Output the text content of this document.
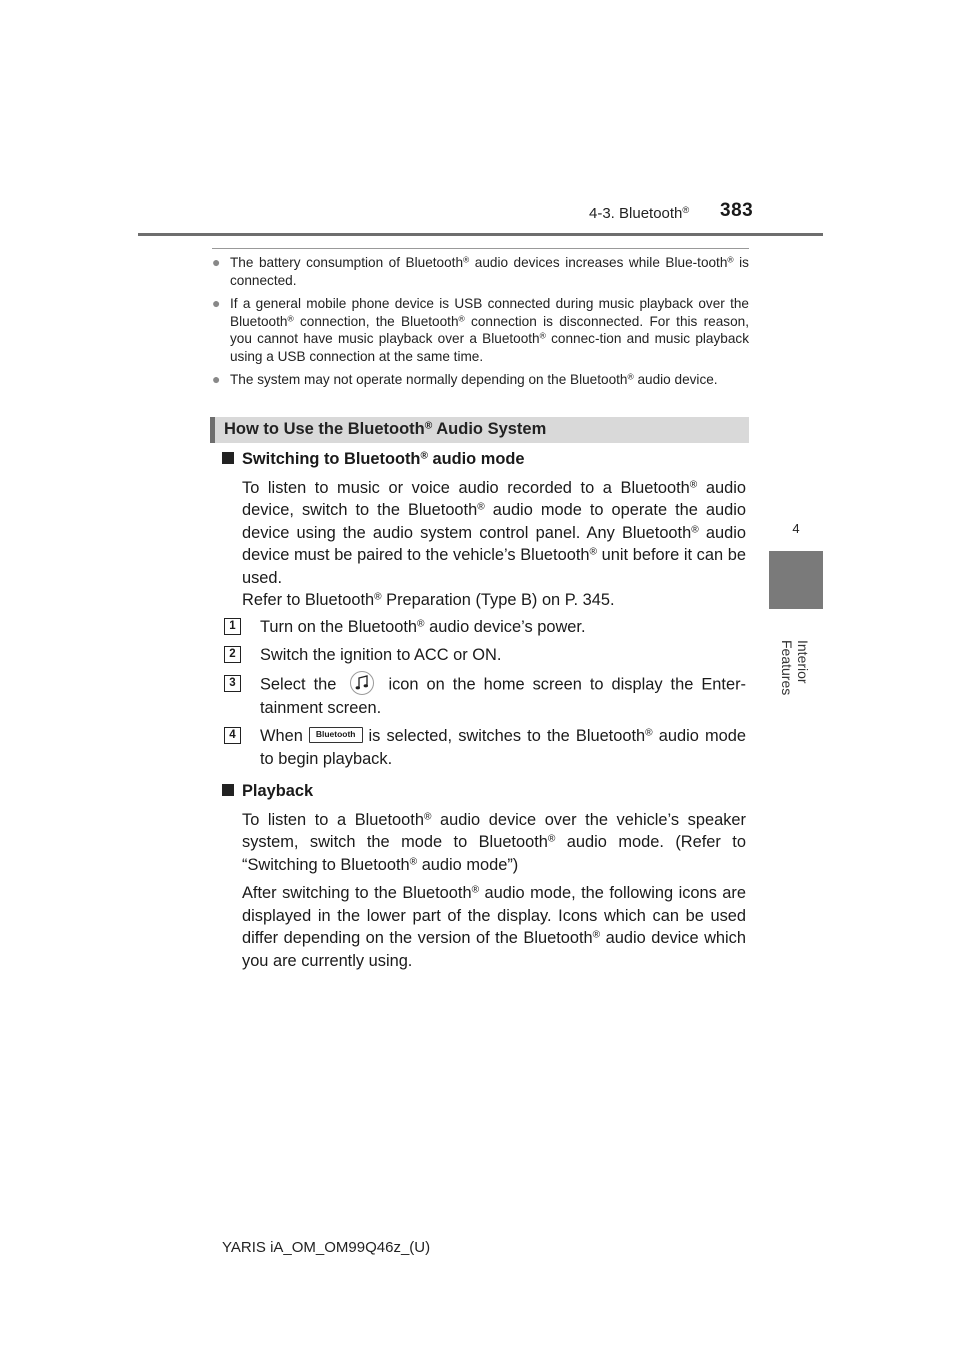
4-3. Bluetooth® 383
4
Interior Features
● The battery consumption of Bluetooth® audio devices increases while Blue-tooth® is connected.
● If a general mobile phone device is USB connected during music playback over the Bluetooth® connection, the Bluetooth® connection is disconnected. For this reason, you cannot have music playback over a Bluetooth® connec-tion and music playback using a USB connection at the same time.
● The system may not operate normally depending on the Bluetooth® audio device.
How to Use the Bluetooth® Audio System
Switching to Bluetooth® audio mode
To listen to music or voice audio recorded to a Bluetooth® audio device, switch to the Bluetooth® audio mode to operate the audio device using the audio system control panel. Any Bluetooth® audio device must be paired to the vehicle’s Bluetooth® unit before it can be used.
Refer to Bluetooth® Preparation (Type B) on P. 345.
1	Turn on the Bluetooth® audio device’s power.
2	Switch the ignition to ACC or ON.
3	Select the	icon on the home screen to display the Enter-tainment screen.
4	When Bluetooth is selected, switches to the Bluetooth® audio mode to begin playback.
Playback
To listen to a Bluetooth® audio device over the vehicle’s speaker system, switch the mode to Bluetooth® audio mode. (Refer to “Switching to Bluetooth® audio mode”)
After switching to the Bluetooth® audio mode, the following icons are displayed in the lower part of the display. Icons which can be used differ depending on the version of the Bluetooth® audio device which you are currently using.
YARIS iA_OM_OM99Q46z_(U)
